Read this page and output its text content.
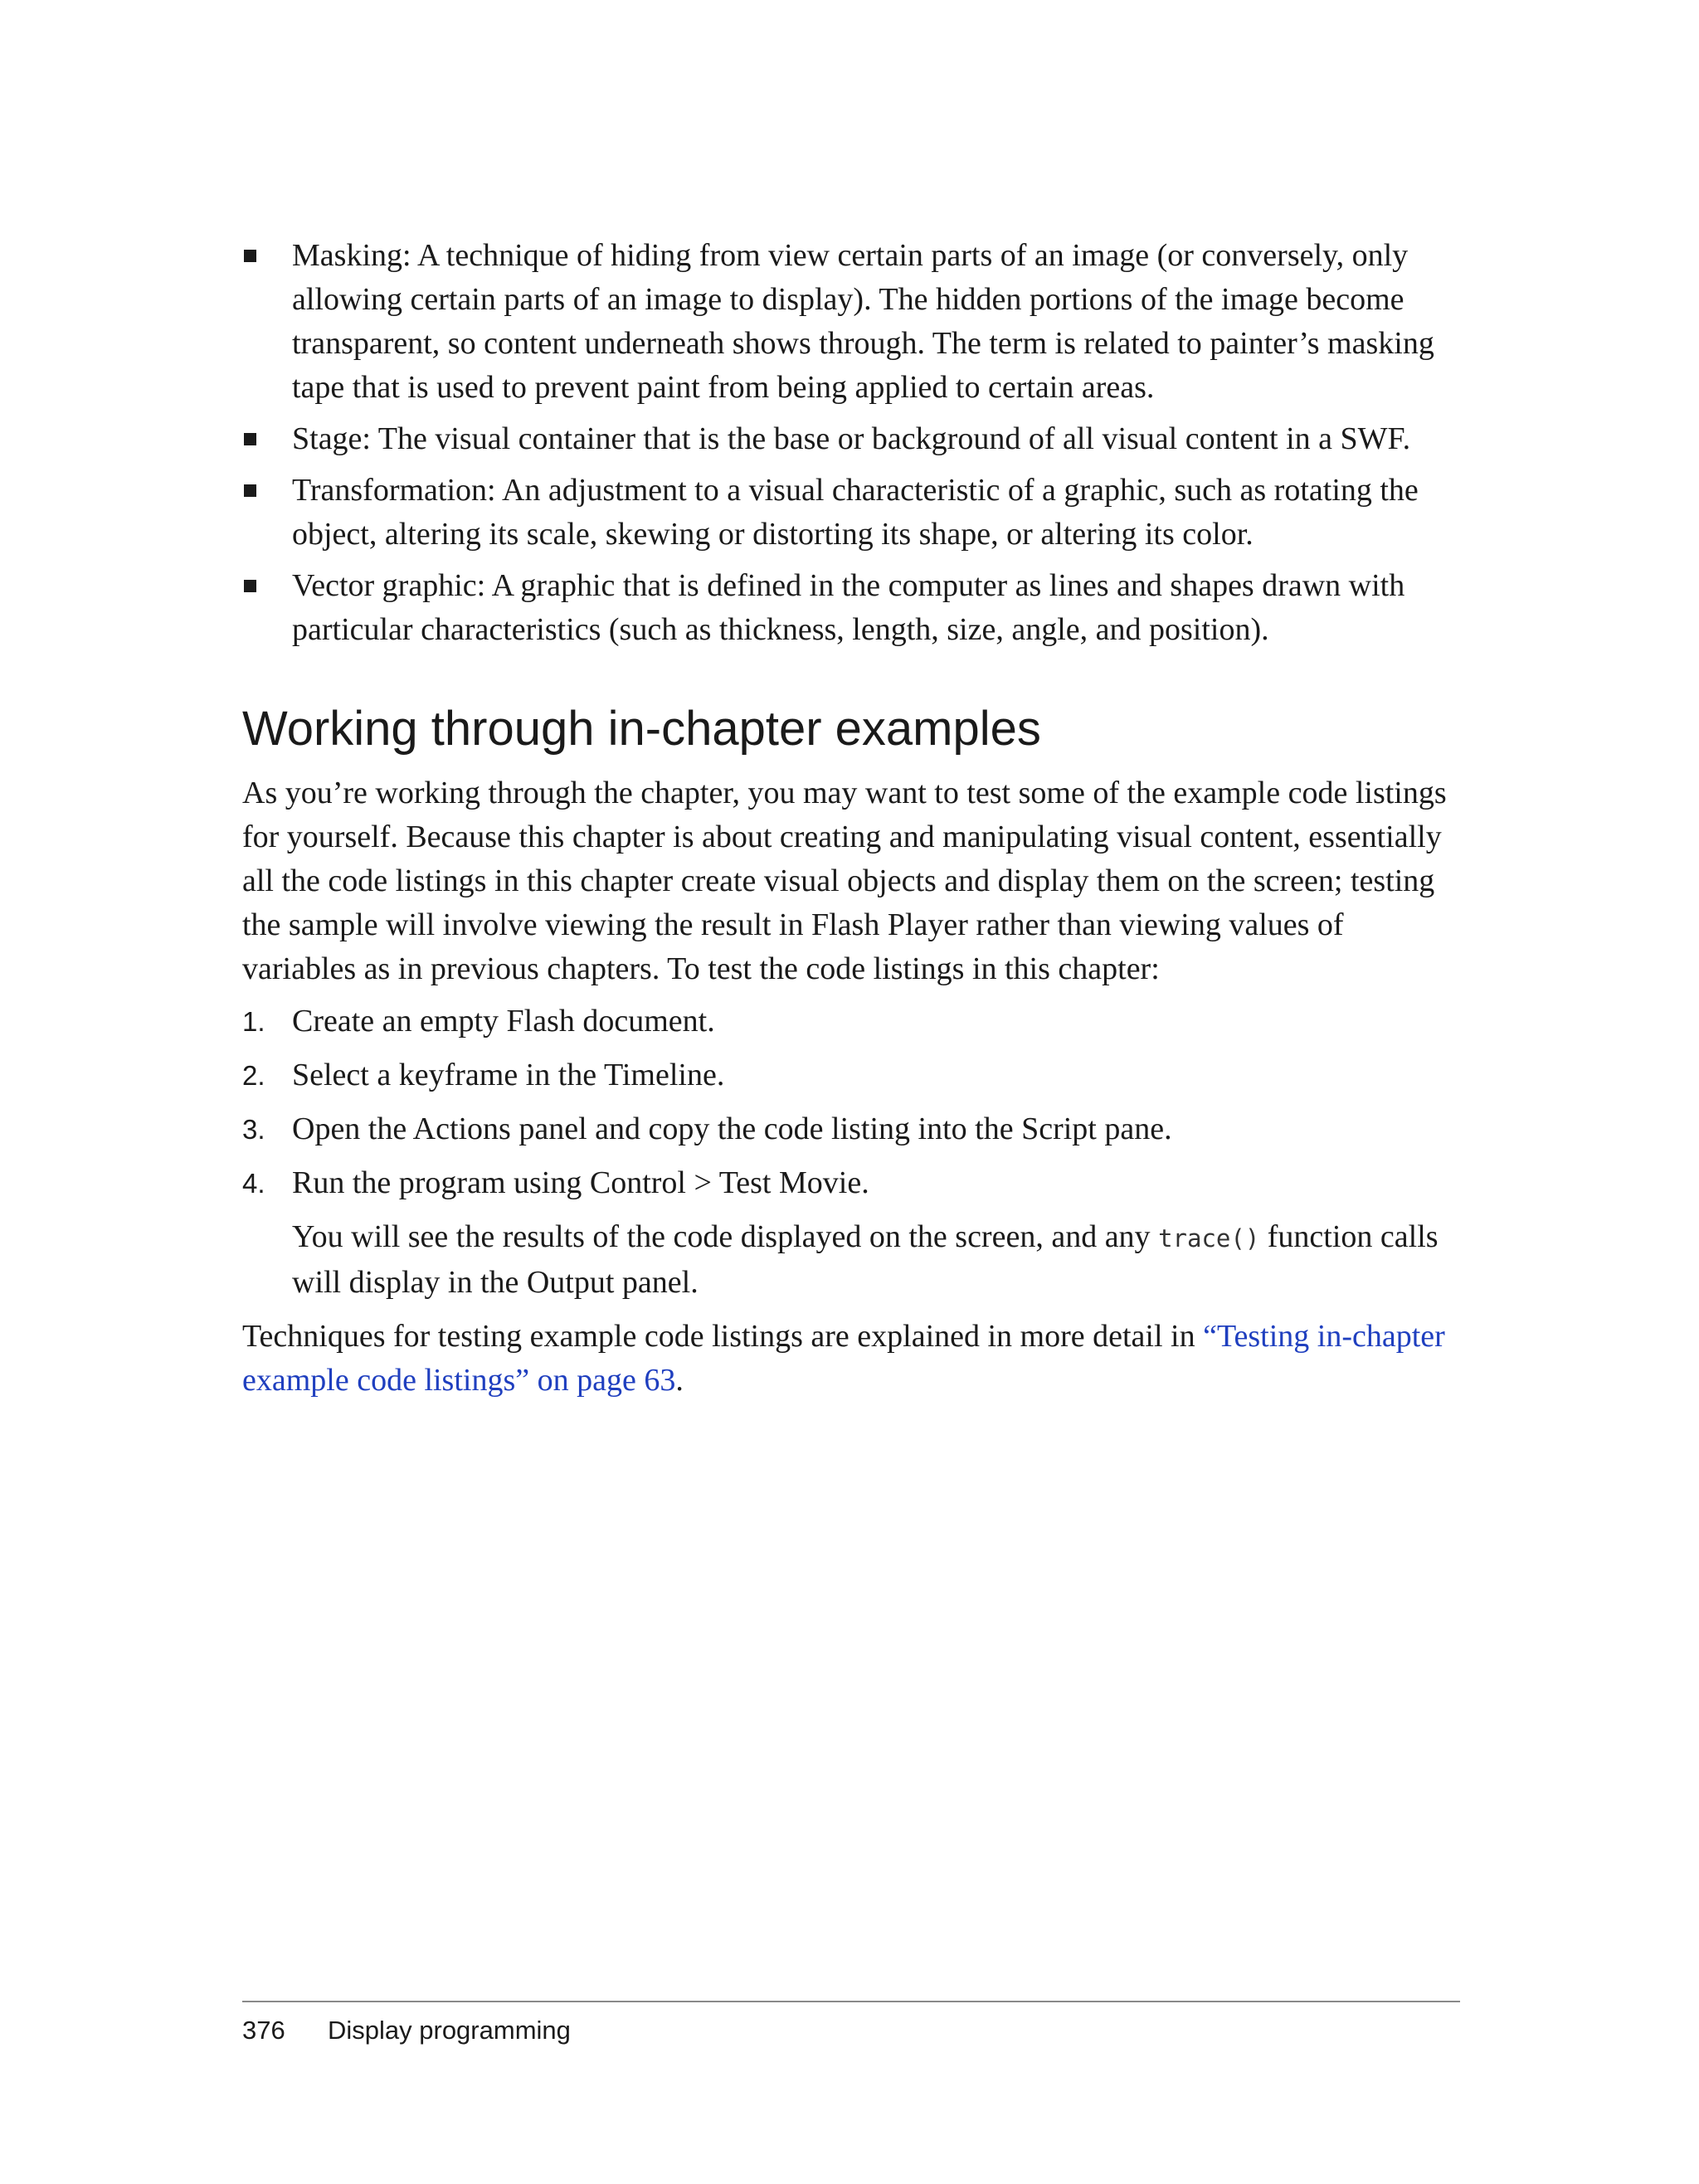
Masking: A technique of hiding from view certain parts of an image (or conversely, only allowing certain parts of an image to display). The hidden portions of the image become transparent, so content underneath shows through. The term is related to painter’s masking tape that is used to prevent paint from being applied to certain areas.
Stage: The visual container that is the base or background of all visual content in a SWF.
Transformation: An adjustment to a visual characteristic of a graphic, such as rotating the object, altering its scale, skewing or distorting its shape, or altering its color.
Vector graphic: A graphic that is defined in the computer as lines and shapes drawn with particular characteristics (such as thickness, length, size, angle, and position).
Working through in-chapter examples

As you’re working through the chapter, you may want to test some of the example code listings for yourself. Because this chapter is about creating and manipulating visual content, essentially all the code listings in this chapter create visual objects and display them on the screen; testing the sample will involve viewing the result in Flash Player rather than viewing values of variables as in previous chapters. To test the code listings in this chapter:

1. Create an empty Flash document.
2. Select a keyframe in the Timeline.
3. Open the Actions panel and copy the code listing into the Script pane.
4. Run the program using Control > Test Movie.

You will see the results of the code displayed on the screen, and any trace() function calls will display in the Output panel.

Techniques for testing example code listings are explained in more detail in “Testing in-chapter example code listings” on page 63.

376 Display programming
